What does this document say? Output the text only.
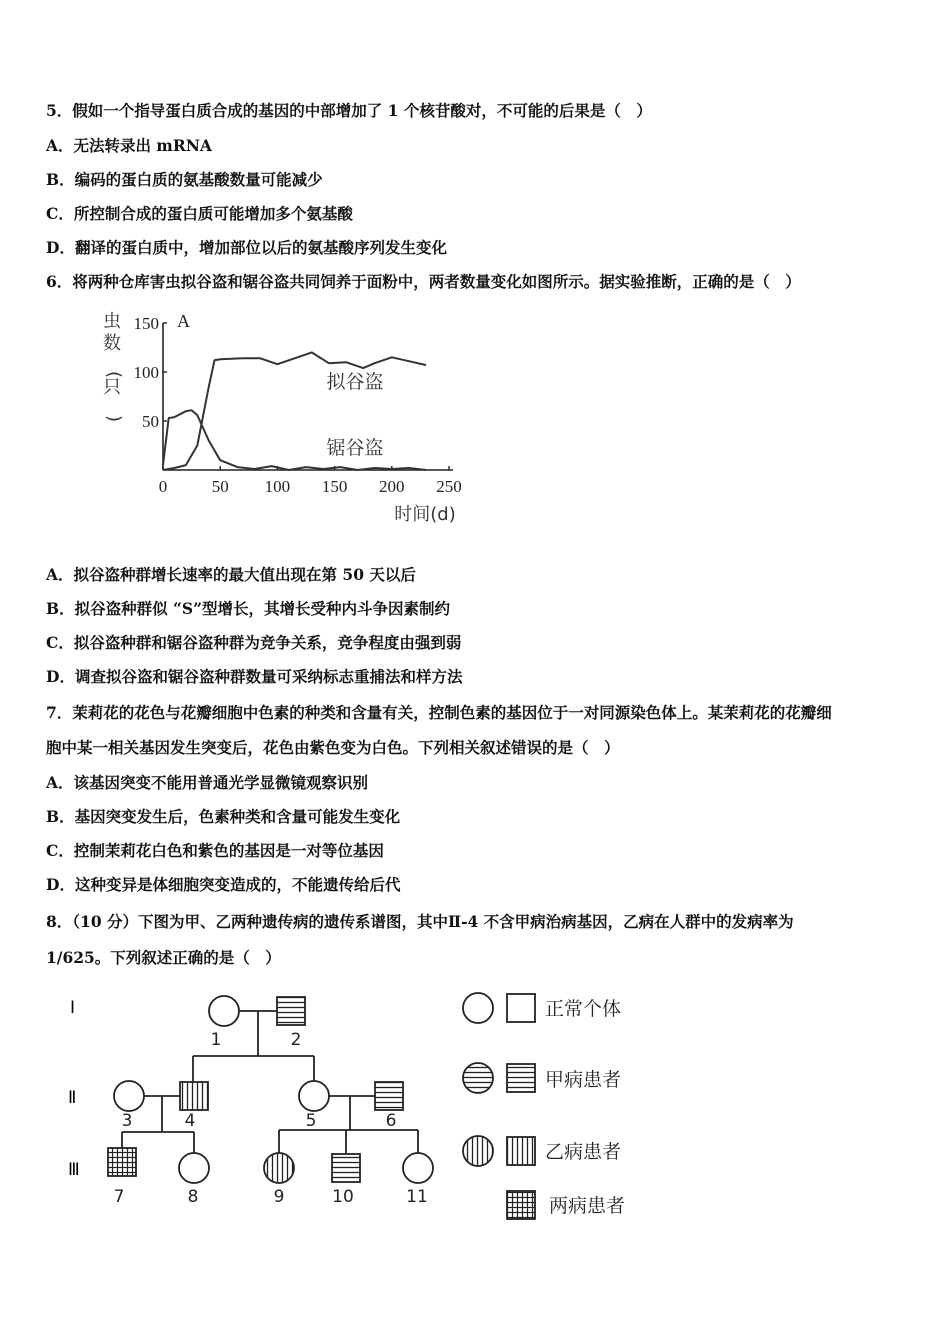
5．假如一个指导蛋白质合成的基因的中部增加了 1 个核苷酸对，不可能的后果是（　）
A．无法转录出 mRNA
B．编码的蛋白质的氨基酸数量可能减少
C．所控制合成的蛋白质可能增加多个氨基酸
D．翻译的蛋白质中，增加部位以后的氨基酸序列发生变化
6．将两种仓库害虫拟谷盗和锯谷盗共同饲养于面粉中，两者数量变化如图所示。据实验推断，正确的是（　）
50
100
150
0	50 100 150 200 250
A
虫数(只)
时间(d)
拟谷盗
锯谷盗
A．拟谷盗种群增长速率的最大值出现在第 50 天以后
B．拟谷盗种群似 “S”型增长，其增长受种内斗争因素制约
C．拟谷盗种群和锯谷盗种群为竞争关系，竞争程度由强到弱
D．调查拟谷盗和锯谷盗种群数量可采纳标志重捕法和样方法
7．茉莉花的花色与花瓣细胞中色素的种类和含量有关，控制色素的基因位于一对同源染色体上。某茉莉花的花瓣细
胞中某一相关基因发生突变后，花色由紫色变为白色。下列相关叙述错误的是（　）
A．该基因突变不能用普通光学显微镜观察识别
B．基因突变发生后，色素种类和含量可能发生变化
C．控制茉莉花白色和紫色的基因是一对等位基因
D．这种变异是体细胞突变造成的，不能遗传给后代
8．（10 分）下图为甲、乙两种遗传病的遗传系谱图，其中Ⅱ-4 不含甲病治病基因，乙病在人群中的发病率为
1/625。下列叙述正确的是（　）
Ⅰ
Ⅱ
Ⅲ
1	2
3	4	5	6
7	8	9	10	11
正常个体
甲病患者
乙病患者
两病患者
